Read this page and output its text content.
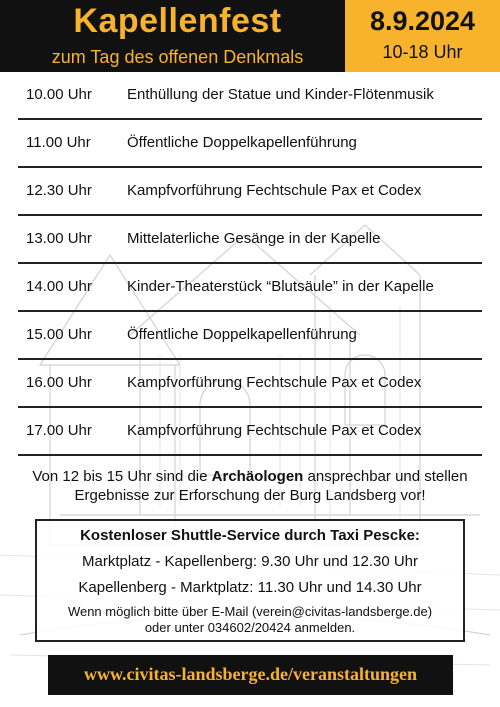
Kapellenfest
zum Tag des offenen Denkmals
8.9.2024
10-18 Uhr
10.00 Uhr Enthüllung der Statue und Kinder-Flötenmusik
11.00 Uhr Öffentliche Doppelkapellenführung
12.30 Uhr Kampfvorführung Fechtschule Pax et Codex
13.00 Uhr Mittelaterliche Gesänge in der Kapelle
14.00 Uhr Kinder-Theaterstück “Blutsäule” in der Kapelle
15.00 Uhr Öffentliche Doppelkapellenführung
16.00 Uhr Kampfvorführung Fechtschule Pax et Codex
17.00 Uhr Kampfvorführung Fechtschule Pax et Codex
Von 12 bis 15 Uhr sind die Archäologen ansprechbar und stellen Ergebnisse zur Erforschung der Burg Landsberg vor!
Kostenloser Shuttle-Service durch Taxi Pescke:
Marktplatz - Kapellenberg: 9.30 Uhr und 12.30 Uhr
Kapellenberg - Marktplatz: 11.30 Uhr und 14.30 Uhr
Wenn möglich bitte über E-Mail (verein@civitas-landsberge.de)
oder unter 034602/20424 anmelden.
www.civitas-landsberge.de/veranstaltungen
